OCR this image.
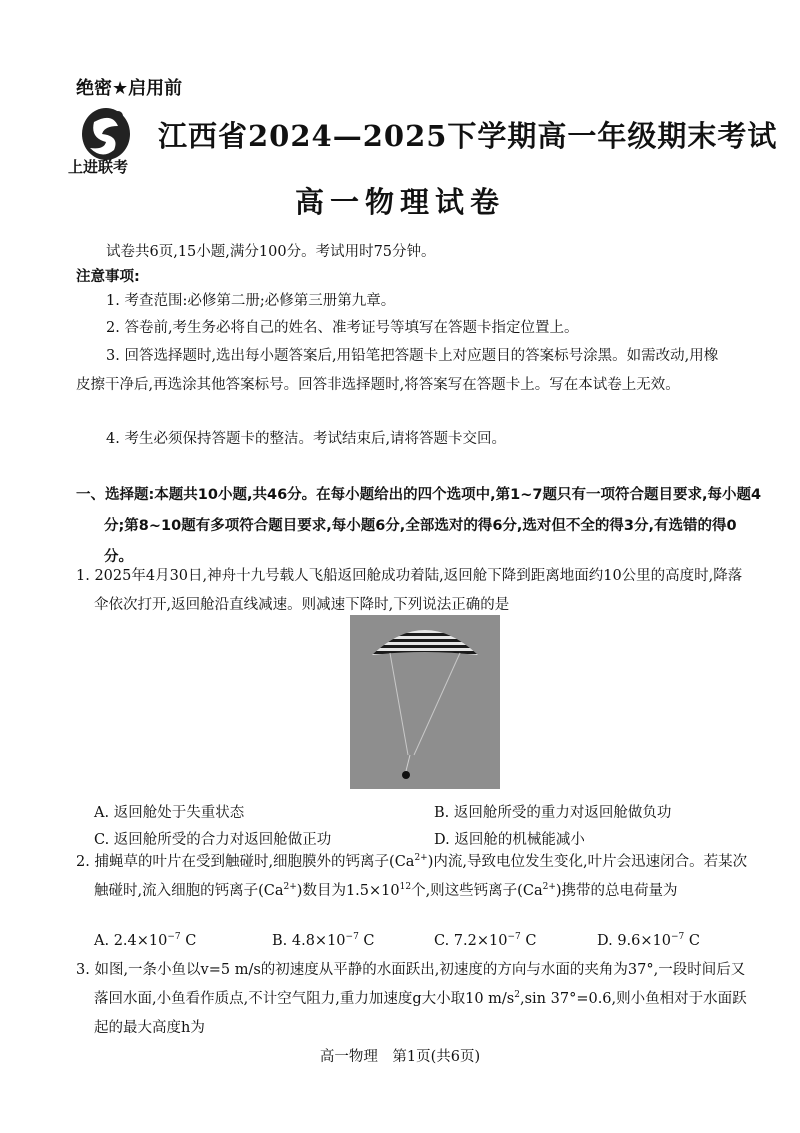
绝密★启用前
上进联考
江西省2024—2025下学期高一年级期末考试
高一物理试卷
试卷共6页,15小题,满分100分。考试用时75分钟。
注意事项:
1. 考查范围:必修第二册;必修第三册第九章。
2. 答卷前,考生务必将自己的姓名、准考证号等填写在答题卡指定位置上。
3. 回答选择题时,选出每小题答案后,用铅笔把答题卡上对应题目的答案标号涂黑。如需改动,用橡皮擦干净后,再选涂其他答案标号。回答非选择题时,将答案写在答题卡上。写在本试卷上无效。
4. 考生必须保持答题卡的整洁。考试结束后,请将答题卡交回。
一、选择题:本题共10小题,共46分。在每小题给出的四个选项中,第1~7题只有一项符合题目要求,每小题4分;第8~10题有多项符合题目要求,每小题6分,全部选对的得6分,选对但不全的得3分,有选错的得0分。
1. 2025年4月30日,神舟十九号载人飞船返回舱成功着陆,返回舱下降到距离地面约10公里的高度时,降落伞依次打开,返回舱沿直线减速。则减速下降时,下列说法正确的是
A. 返回舱处于失重状态	B. 返回舱所受的重力对返回舱做负功
C. 返回舱所受的合力对返回舱做正功	D. 返回舱的机械能减小
2. 捕蝇草的叶片在受到触碰时,细胞膜外的钙离子$(Ca^{2+})$内流,导致电位发生变化,叶片会迅速闭合。若某次触碰时,流入细胞的钙离子$(Ca^{2+})$数目为$1.5\times 10^{12}$个,则这些钙离子$(Ca^{2+})$携带的总电荷量为
A. $2.4\times 10^{-7}$ C	B. $4.8\times 10^{-7}$ C	C. $7.2\times 10^{-7}$ C	D. $9.6\times 10^{-7}$ C
3. 如图,一条小鱼以v=5 m/s的初速度从平静的水面跃出,初速度的方向与水面的夹角为37°,一段时间后又落回水面,小鱼看作质点,不计空气阻力,重力加速度g大小取10 $m/s^2,\sin$ 37°=0.6,则小鱼相对于水面跃起的最大高度h为
高一物理　第1页(共6页)
